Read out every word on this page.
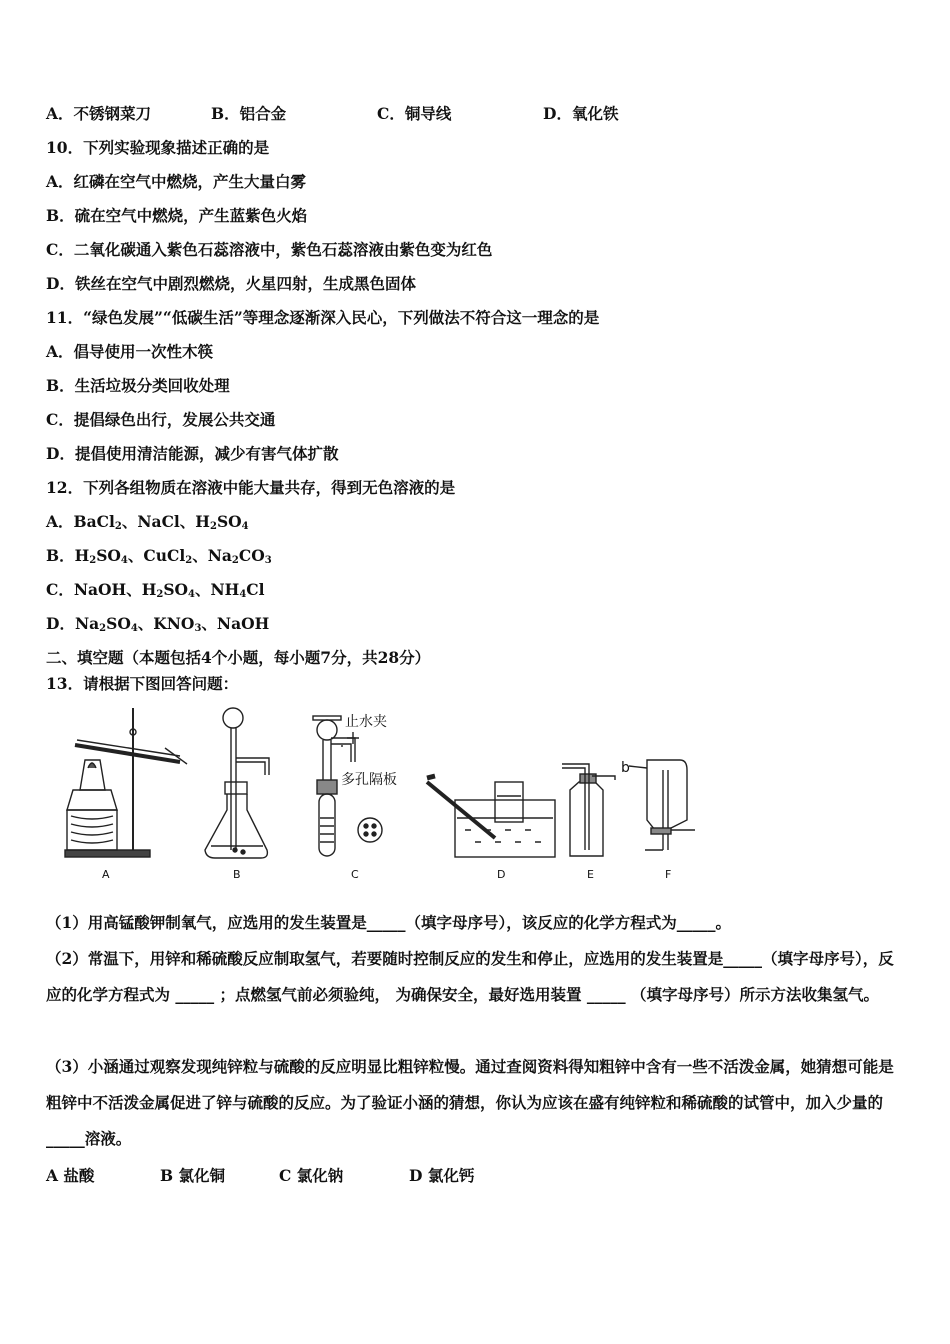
A．不锈钢菜刀	B．铝合金	C．铜导线	D．氧化铁
10．下列实验现象描述正确的是
A．红磷在空气中燃烧，产生大量白雾
B．硫在空气中燃烧，产生蓝紫色火焰
C．二氧化碳通入紫色石蕊溶液中，紫色石蕊溶液由紫色变为红色
D．铁丝在空气中剧烈燃烧，火星四射，生成黑色固体
11．“绿色发展”“低碳生活”等理念逐渐深入民心，下列做法不符合这一理念的是
A．倡导使用一次性木筷
B．生活垃圾分类回收处理
C．提倡绿色出行，发展公共交通
D．提倡使用清洁能源，减少有害气体扩散
12．下列各组物质在溶液中能大量共存，得到无色溶液的是
A．BaCl$_2$、NaCl、$H_2SO_4$
B．$H_2SO_4$、CuCl$_2$、$Na_2CO_3$
C．NaOH、$H_2SO_4$、$NH_4Cl$
D．$Na_2SO_4$、$KNO_3$、NaOH
二、填空题（本题包括4个小题，每小题7分，共28分）
13．请根据下图回答问题：
止水夹
多孔隔板
b
A	B	C	D	E	F
（1）用高锰酸钾制氧气，应选用的发生装置是_____（填字母序号），该反应的化学方程式为_____。
（2）常温下，用锌和稀硫酸反应制取氢气，若要随时控制反应的发生和停止，应选用的发生装置是_____（填字母序号），反应的化学方程式为 _____ ；点燃氢气前必须验纯， 为确保安全，最好选用装置 _____ （填字母序号）所示方法收集氢气。
（3）小涵通过观察发现纯锌粒与硫酸的反应明显比粗锌粒慢。通过查阅资料得知粗锌中含有一些不活泼金属，她猜想可能是粗锌中不活泼金属促进了锌与硫酸的反应。为了验证小涵的猜想，你认为应该在盛有纯锌粒和稀硫酸的试管中，加入少量的 _____溶液。
A 盐酸	B 氯化铜	C 氯化钠	D 氯化钙
